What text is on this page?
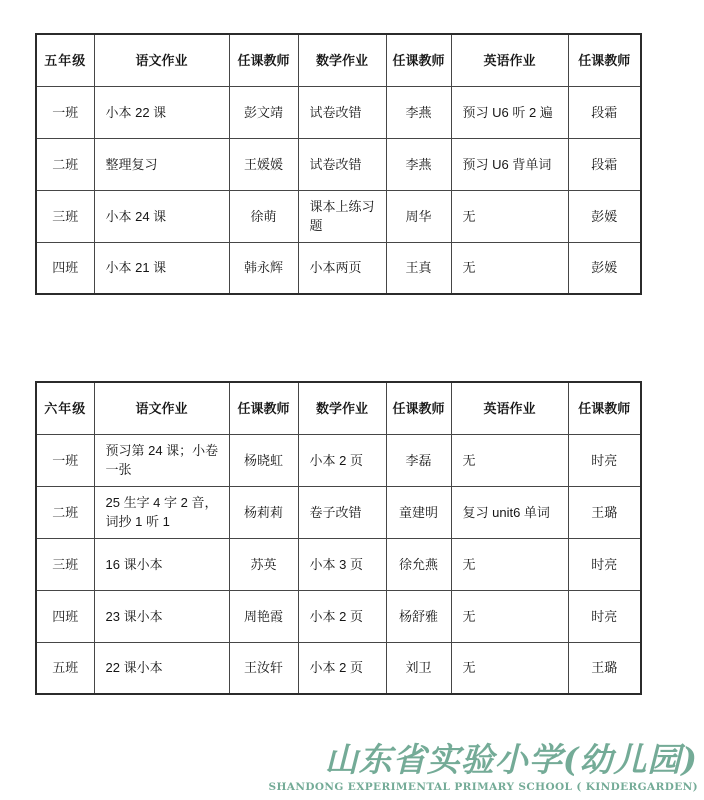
五年级	语文作业	任课教师	数学作业	任课教师	英语作业	任课教师
一班	小本 22 课	彭文靖	试卷改错	李燕	预习 U6 听 2 遍	段霜
二班	整理复习	王媛媛	试卷改错	李燕	预习 U6 背单词	段霜
三班	小本 24 课	徐萌	课本上练习题	周华	无	彭媛
四班	小本 21 课	韩永辉	小本两页	王真	无	彭媛
六年级	语文作业	任课教师	数学作业	任课教师	英语作业	任课教师
一班	预习第 24 课；小卷一张	杨晓虹	小本 2 页	李磊	无	时亮
二班	25 生字 4 字 2 音，词抄 1 听 1	杨莉莉	卷子改错	童建明	复习 unit6 单词	王璐
三班	16 课小本	苏英	小本 3 页	徐允燕	无	时亮
四班	23 课小本	周艳霞	小本 2 页	杨舒雅	无	时亮
五班	22 课小本	王汝轩	小本 2 页	刘卫	无	王璐
山东省实验小学(幼儿园)
SHANDONG EXPERIMENTAL PRIMARY SCHOOL ( KINDERGARDEN)
